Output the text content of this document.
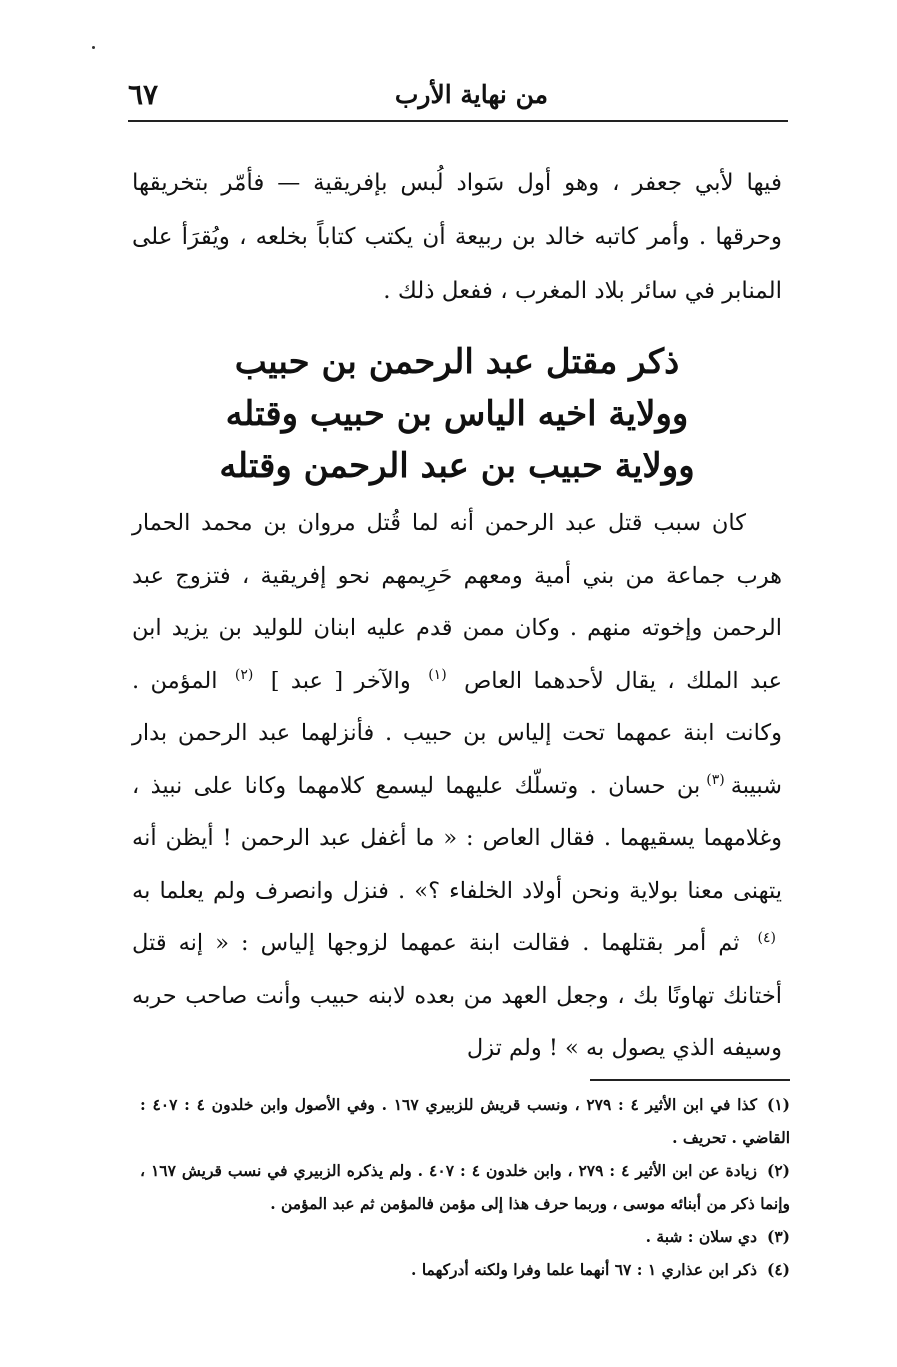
من نهاية الأرب
٦٧
فيها لأبي جعفر ، وهو أول سَواد لُبس بإفريقية — فأمّر بتخريقها وحرقها . وأمر كاتبه خالد بن ربيعة أن يكتب كتاباً بخلعه ، ويُقرَأ على المنابر في سائر بلاد المغرب ، ففعل ذلك .
ذكر مقتل عبد الرحمن بن حبيب
وولاية اخيه الياس بن حبيب وقتله
وولاية حبيب بن عبد الرحمن وقتله

كان سبب قتل عبد الرحمن أنه لما قُتل مروان بن محمد الحمار هرب جماعة من بني أمية ومعهم حَرِيمهم نحو إفريقية ، فتزوج عبد الرحمن وإخوته منهم . وكان ممن قدم عليه ابنان للوليد بن يزيد ابن عبد الملك ، يقال لأحدهما العاص $^{(١)}$ والآخر [ عبد ] $^{(٢)}$ المؤمن . وكانت ابنة عمهما تحت إلياس بن حبيب . فأنزلهما عبد الرحمن بدار شبيبة$^{(٣)}$بن حسان . وتسلّك عليهما ليسمع كلامهما وكانا على نبيذ ، وغلامهما يسقيهما . فقال العاص : « ما أغفل عبد الرحمن ! أيظن أنه يتهنى معنا بولاية ونحن أولاد الخلفاء ؟» . فنزل وانصرف ولم يعلما به $^{(٤)}$ ثم أمر بقتلهما . فقالت ابنة عمهما لزوجها إلياس : « إنه قتل أختانك تهاونًا بك ، وجعل العهد من بعده لابنه حبيب وأنت صاحب حربه وسيفه الذي يصول به » ! ولم تزل

(١)كذا في ابن الأثير ٤ : ٢٧٩ ، ونسب قريش للزبيري ١٦٧ . وفي الأصول وابن خلدون ٤ : ٤٠٧ : القاضي . تحريف .

(٢)زيادة عن ابن الأثير ٤ : ٢٧٩ ، وابن خلدون ٤ : ٤٠٧ . ولم يذكره الزبيري في نسب قريش ١٦٧ ، وإنما ذكر من أبنائه موسى ، وربما حرف هذا إلى مؤمن فالمؤمن ثم عبد المؤمن .

(٣)دي سلان : شبة .

(٤)ذكر ابن عذاري ١ : ٦٧ أنهما علما وفرا ولكنه أدركهما .
